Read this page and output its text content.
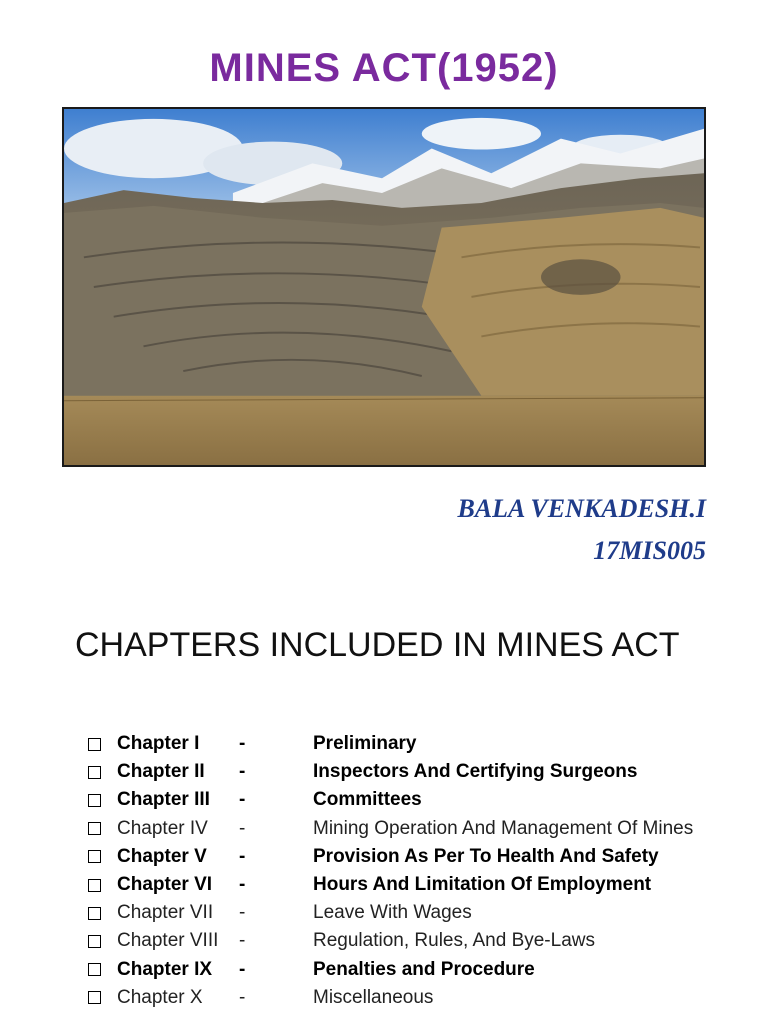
MINES ACT(1952)
BALA VENKADESH.I
17MIS005
CHAPTERS INCLUDED IN MINES ACT
Chapter I	-	Preliminary
Chapter II	-	Inspectors And Certifying Surgeons
Chapter III	-	Committees
Chapter IV	-	Mining Operation And Management Of Mines
Chapter V	-	Provision As Per To Health And Safety
Chapter VI	-	Hours And Limitation Of Employment
Chapter VII	-	Leave With Wages
Chapter VIII	-	Regulation, Rules, And Bye-Laws
Chapter IX	-	Penalties and Procedure
Chapter X	-	Miscellaneous
